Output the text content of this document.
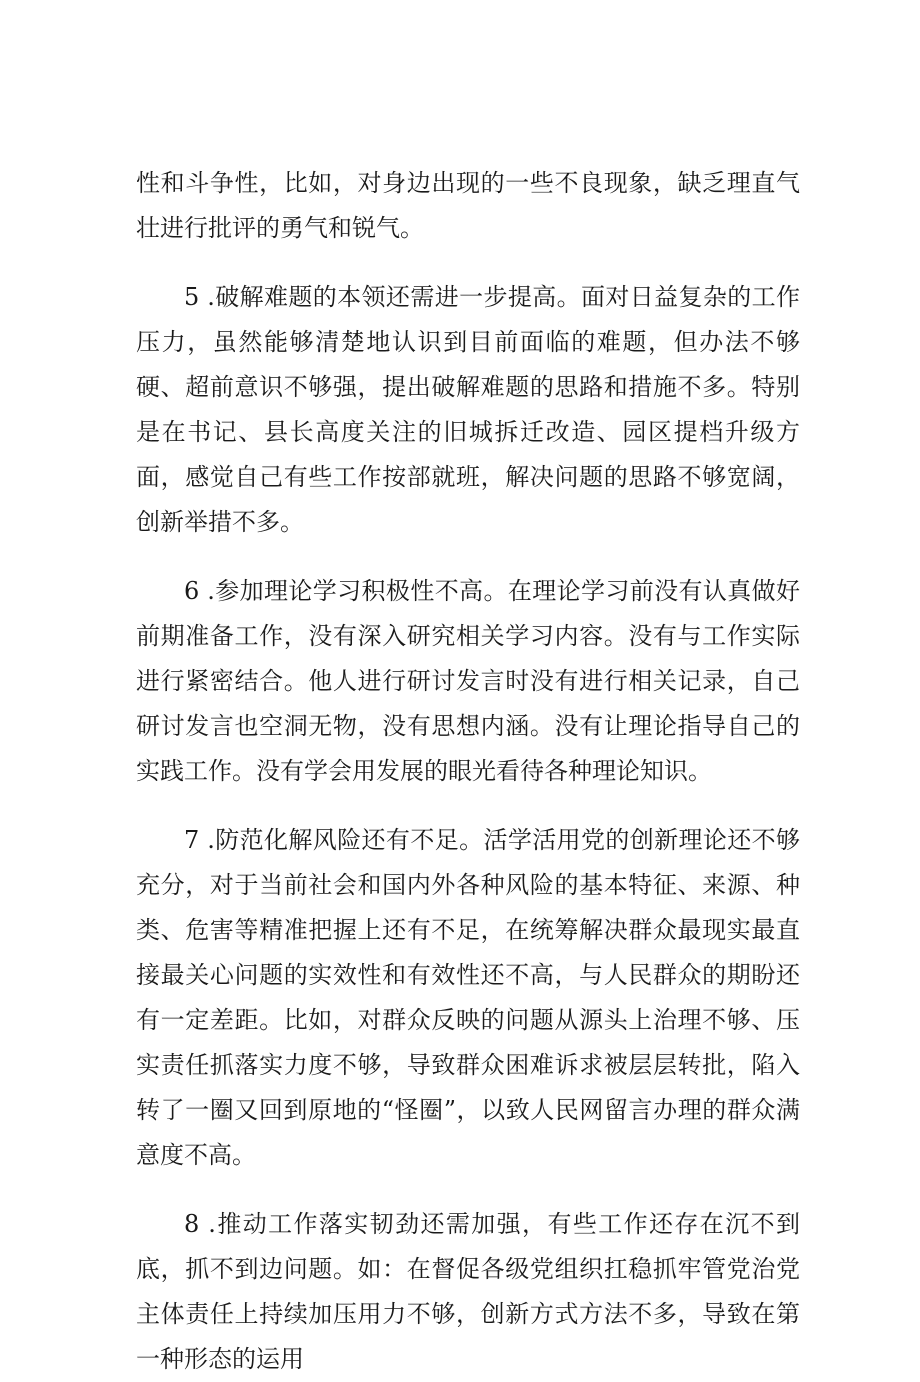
性和斗争性，比如，对身边出现的一些不良现象，缺乏理直气壮进行批评的勇气和锐气。

5 .破解难题的本领还需进一步提高。面对日益复杂的工作压力，虽然能够清楚地认识到目前面临的难题，但办法不够硬、超前意识不够强，提出破解难题的思路和措施不多。特别是在书记、县长高度关注的旧城拆迁改造、园区提档升级方面，感觉自己有些工作按部就班，解决问题的思路不够宽阔，创新举措不多。

6 .参加理论学习积极性不高。在理论学习前没有认真做好前期准备工作，没有深入研究相关学习内容。没有与工作实际进行紧密结合。他人进行研讨发言时没有进行相关记录，自己研讨发言也空洞无物，没有思想内涵。没有让理论指导自己的实践工作。没有学会用发展的眼光看待各种理论知识。

7 .防范化解风险还有不足。活学活用党的创新理论还不够充分，对于当前社会和国内外各种风险的基本特征、来源、种类、危害等精准把握上还有不足，在统筹解决群众最现实最直接最关心问题的实效性和有效性还不高，与人民群众的期盼还有一定差距。比如，对群众反映的问题从源头上治理不够、压实责任抓落实力度不够，导致群众困难诉求被层层转批，陷入转了一圈又回到原地的“怪圈”，以致人民网留言办理的群众满意度不高。

8 .推动工作落实韧劲还需加强，有些工作还存在沉不到底，抓不到边问题。如：在督促各级党组织扛稳抓牢管党治党主体责任上持续加压用力不够，创新方式方法不多，导致在第一种形态的运用
